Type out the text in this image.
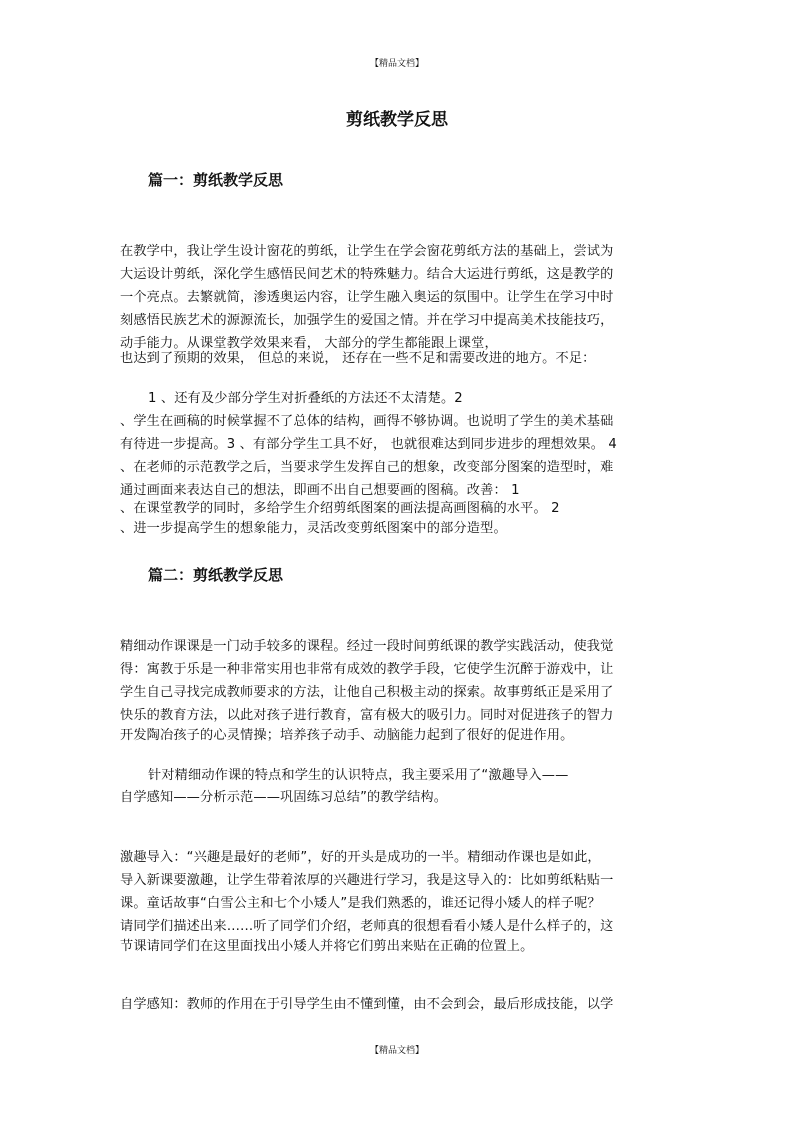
【精品文档】
剪纸教学反思
篇一：剪纸教学反思
在教学中，我让学生设计窗花的剪纸，让学生在学会窗花剪纸方法的基础上，尝试为
大运设计剪纸，深化学生感悟民间艺术的特殊魅力。结合大运进行剪纸，这是教学的
一个亮点。去繁就简，渗透奥运内容，让学生融入奥运的氛围中。让学生在学习中时
刻感悟民族艺术的源源流长，加强学生的爱国之情。并在学习中提高美术技能技巧，
动手能力。从课堂教学效果来看， 大部分的学生都能跟上课堂，
也达到了预期的效果， 但总的来说， 还存在一些不足和需要改进的地方。不足：
1 、还有及少部分学生对折叠纸的方法还不太清楚。2
、学生在画稿的时候掌握不了总体的结构，画得不够协调。也说明了学生的美术基础
有待进一步提高。3 、有部分学生工具不好， 也就很难达到同步进步的理想效果。 4
、在老师的示范教学之后，当要求学生发挥自己的想象，改变部分图案的造型时，难
通过画面来表达自己的想法，即画不出自己想要画的图稿。改善： 1
、在课堂教学的同时，多给学生介绍剪纸图案的画法提高画图稿的水平。 2
、进一步提高学生的想象能力，灵活改变剪纸图案中的部分造型。
篇二：剪纸教学反思
精细动作课课是一门动手较多的课程。经过一段时间剪纸课的教学实践活动，使我觉
得：寓教于乐是一种非常实用也非常有成效的教学手段，它使学生沉醉于游戏中，让
学生自己寻找完成教师要求的方法，让他自己积极主动的探索。故事剪纸正是采用了
快乐的教育方法，以此对孩子进行教育，富有极大的吸引力。同时对促进孩子的智力
开发陶冶孩子的心灵情操；培养孩子动手、动脑能力起到了很好的促进作用。
针对精细动作课的特点和学生的认识特点，我主要采用了“激趣导入——
自学感知——分析示范——巩固练习总结”的教学结构。
激趣导入：“兴趣是最好的老师”，好的开头是成功的一半。精细动作课也是如此，
导入新课要激趣，让学生带着浓厚的兴趣进行学习，我是这导入的：比如剪纸粘贴一
课。童话故事“白雪公主和七个小矮人”是我们熟悉的，谁还记得小矮人的样子呢？
请同学们描述出来……听了同学们介绍，老师真的很想看看小矮人是什么样子的，这
节课请同学们在这里面找出小矮人并将它们剪出来贴在正确的位置上。
自学感知：教师的作用在于引导学生由不懂到懂，由不会到会，最后形成技能，以学
【精品文档】
